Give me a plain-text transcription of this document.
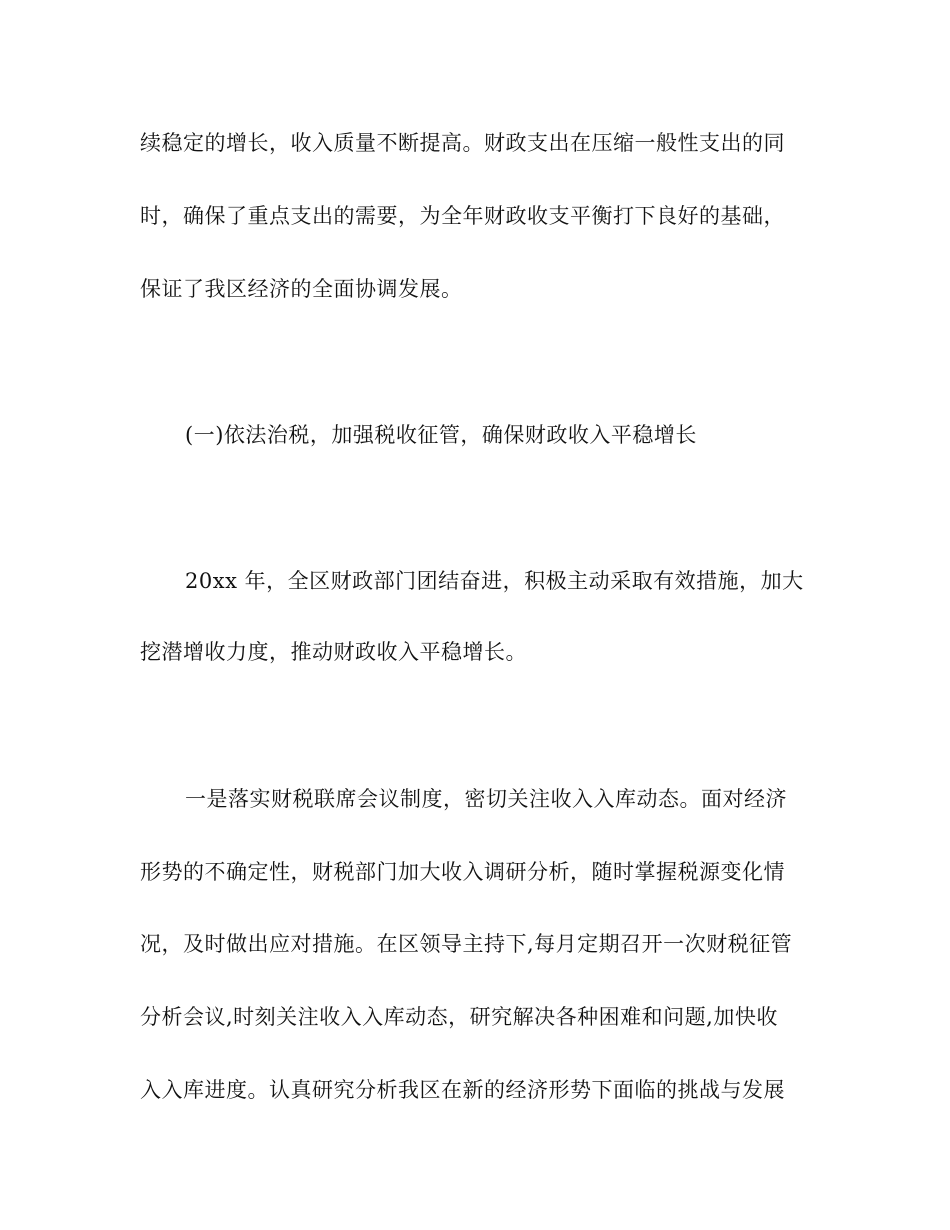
续稳定的增长，收入质量不断提高。财政支出在压缩一般性支出的同
时，确保了重点支出的需要，为全年财政收支平衡打下良好的基础，
保证了我区经济的全面协调发展。
(一)依法治税，加强税收征管，确保财政收入平稳增长
20xx 年，全区财政部门团结奋进，积极主动采取有效措施，加大
挖潜增收力度，推动财政收入平稳增长。
一是落实财税联席会议制度，密切关注收入入库动态。面对经济
形势的不确定性，财税部门加大收入调研分析，随时掌握税源变化情
况，及时做出应对措施。在区领导主持下,每月定期召开一次财税征管
分析会议,时刻关注收入入库动态，研究解决各种困难和问题,加快收
入入库进度。认真研究分析我区在新的经济形势下面临的挑战与发展
